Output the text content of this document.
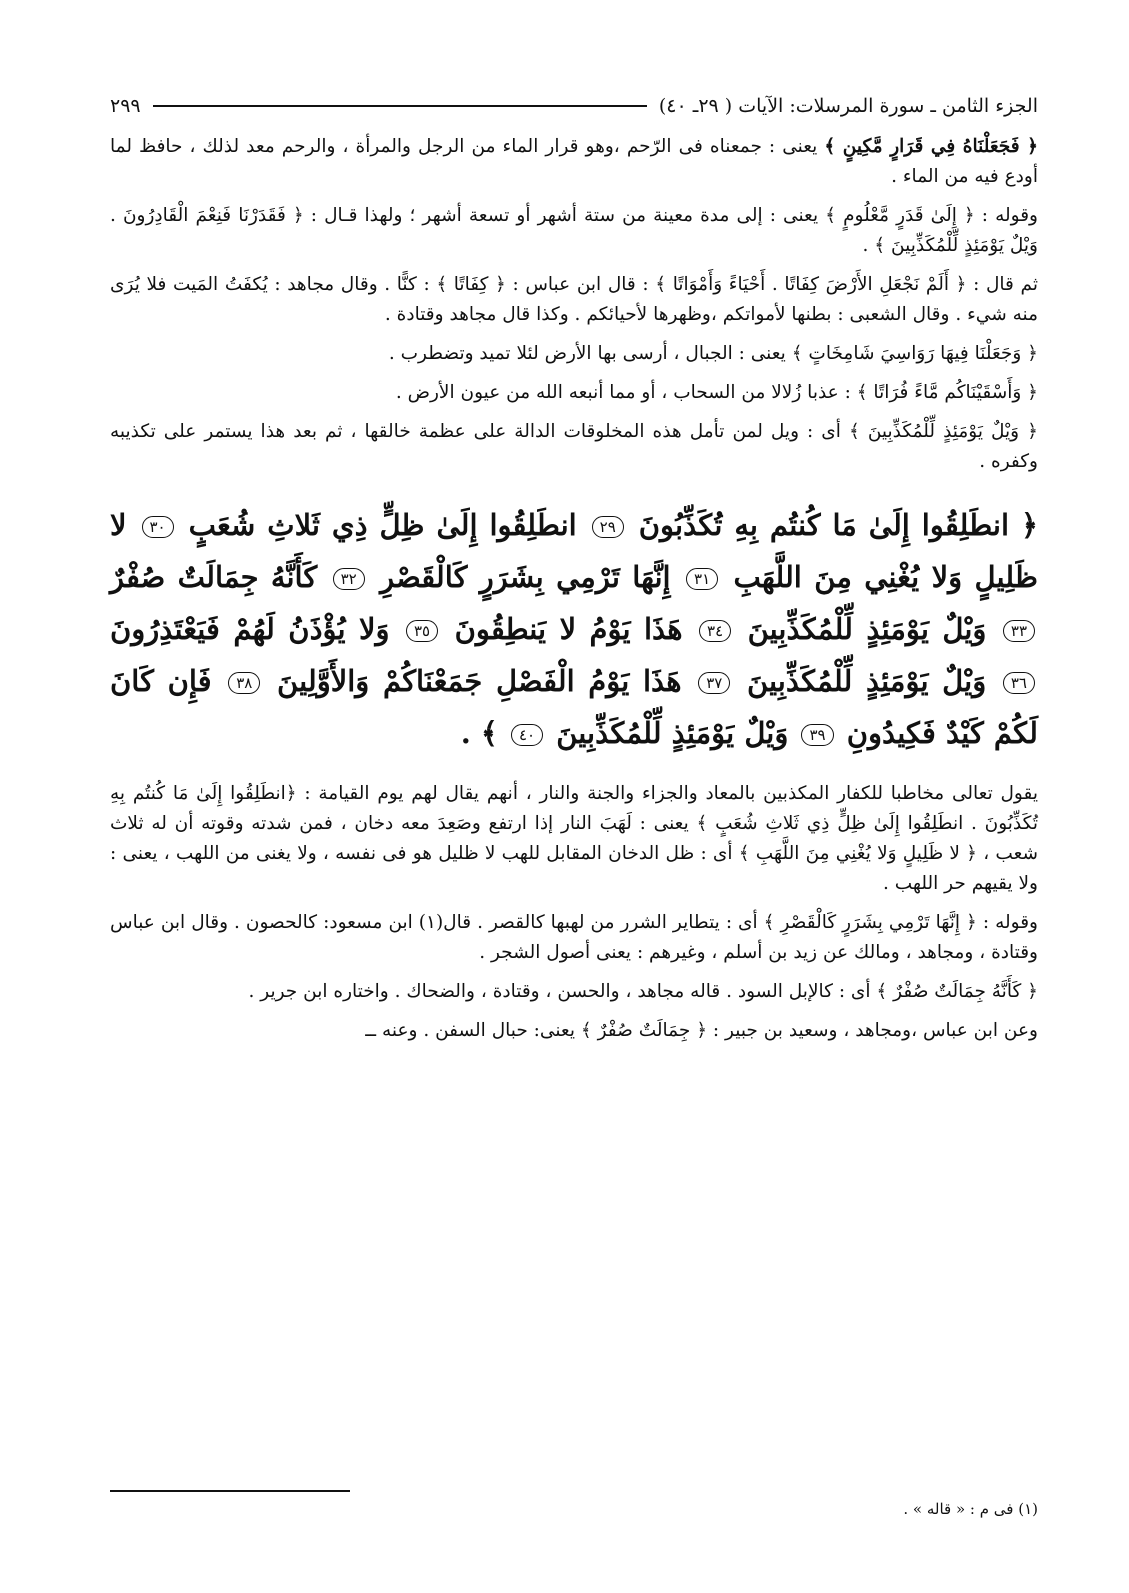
الجزء الثامن ـ سورة المرسلات: الآيات ( ٢٩ـ ٤٠)
٢٩٩

﴿ فَجَعَلْنَاهُ فِي قَرَارٍ مَّكِينٍ ﴾ يعنى : جمعناه فى الرّحم ،وهو قرار الماء من الرجل والمرأة ، والرحم معد لذلك ، حافظ لما أودع فيه من الماء .

وقوله : ﴿ إِلَىٰ قَدَرٍ مَّعْلُومٍ ﴾ يعنى : إلى مدة معينة من ستة أشهر أو تسعة أشهر ؛ ولهذا قـال : ﴿ فَقَدَرْنَا فَنِعْمَ الْقَادِرُونَ . وَيْلٌ يَوْمَئِذٍ لِّلْمُكَذِّبِينَ ﴾ .

ثم قال : ﴿ أَلَمْ نَجْعَلِ الأَرْضَ كِفَاتًا . أَحْيَاءً وَأَمْوَاتًا ﴾ : قال ابن عباس : ﴿ كِفَاتًا ﴾ : كنًّا . وقال مجاهد : يُكفَتُ المَيت فلا يُرَى منه شيء . وقال الشعبى : بطنها لأمواتكم ،وظهرها لأحيائكم . وكذا قال مجاهد وقتادة .

﴿ وَجَعَلْنَا فِيهَا رَوَاسِيَ شَامِخَاتٍ ﴾ يعنى : الجبال ، أرسى بها الأرض لئلا تميد وتضطرب .

﴿ وَأَسْقَيْنَاكُم مَّاءً فُرَاتًا ﴾ : عذبا زُلالا من السحاب ، أو مما أنبعه الله من عيون الأرض .

﴿ وَيْلٌ يَوْمَئِذٍ لِّلْمُكَذِّبِينَ ﴾ أى : ويل لمن تأمل هذه المخلوقات الدالة على عظمة خالقها ، ثم بعد هذا يستمر على تكذيبه وكفره .

﴿ انطَلِقُوا إِلَىٰ مَا كُنتُم بِهِ تُكَذِّبُونَ ٢٩ انطَلِقُوا إِلَىٰ ظِلٍّ ذِي ثَلاثِ شُعَبٍ ٣٠ لا ظَلِيلٍ وَلا يُغْنِي مِنَ اللَّهَبِ ٣١ إِنَّهَا تَرْمِي بِشَرَرٍ كَالْقَصْرِ ٣٢ كَأَنَّهُ جِمَالَتٌ صُفْرٌ ٣٣ وَيْلٌ يَوْمَئِذٍ لِّلْمُكَذِّبِينَ ٣٤ هَذَا يَوْمُ لا يَنطِقُونَ ٣٥ وَلا يُؤْذَنُ لَهُمْ فَيَعْتَذِرُونَ ٣٦ وَيْلٌ يَوْمَئِذٍ لِّلْمُكَذِّبِينَ ٣٧ هَذَا يَوْمُ الْفَصْلِ جَمَعْنَاكُمْ وَالأَوَّلِينَ ٣٨ فَإِن كَانَ لَكُمْ كَيْدٌ فَكِيدُونِ ٣٩ وَيْلٌ يَوْمَئِذٍ لِّلْمُكَذِّبِينَ ٤٠ ﴾ .

يقول تعالى مخاطبا للكفار المكذبين بالمعاد والجزاء والجنة والنار ، أنهم يقال لهم يوم القيامة : ﴿انطَلِقُوا إِلَىٰ مَا كُنتُم بِهِ تُكَذِّبُونَ . انطَلِقُوا إِلَىٰ ظِلٍّ ذِي ثَلاثِ شُعَبٍ ﴾ يعنى : لَهَبَ النار إذا ارتفع وصَعِدَ معه دخان ، فمن شدته وقوته أن له ثلاث شعب ، ﴿ لا ظَلِيلٍ وَلا يُغْنِي مِنَ اللَّهَبِ ﴾ أى : ظل الدخان المقابل للهب لا ظليل هو فى نفسه ، ولا يغنى من اللهب ، يعنى : ولا يقيهم حر اللهب .

وقوله : ﴿ إِنَّهَا تَرْمِي بِشَرَرٍ كَالْقَصْرِ ﴾ أى : يتطاير الشرر من لهبها كالقصر . قال(١) ابن مسعود: كالحصون . وقال ابن عباس وقتادة ، ومجاهد ، ومالك عن زيد بن أسلم ، وغيرهم : يعنى أصول الشجر .

﴿ كَأَنَّهُ جِمَالَتٌ صُفْرٌ ﴾ أى : كالإبل السود . قاله مجاهد ، والحسن ، وقتادة ، والضحاك . واختاره ابن جرير .

وعن ابن عباس ،ومجاهد ، وسعيد بن جبير : ﴿ جِمَالَتٌ صُفْرٌ ﴾ يعنى: حبال السفن . وعنه ــ

(١) فى م : « قاله » .
